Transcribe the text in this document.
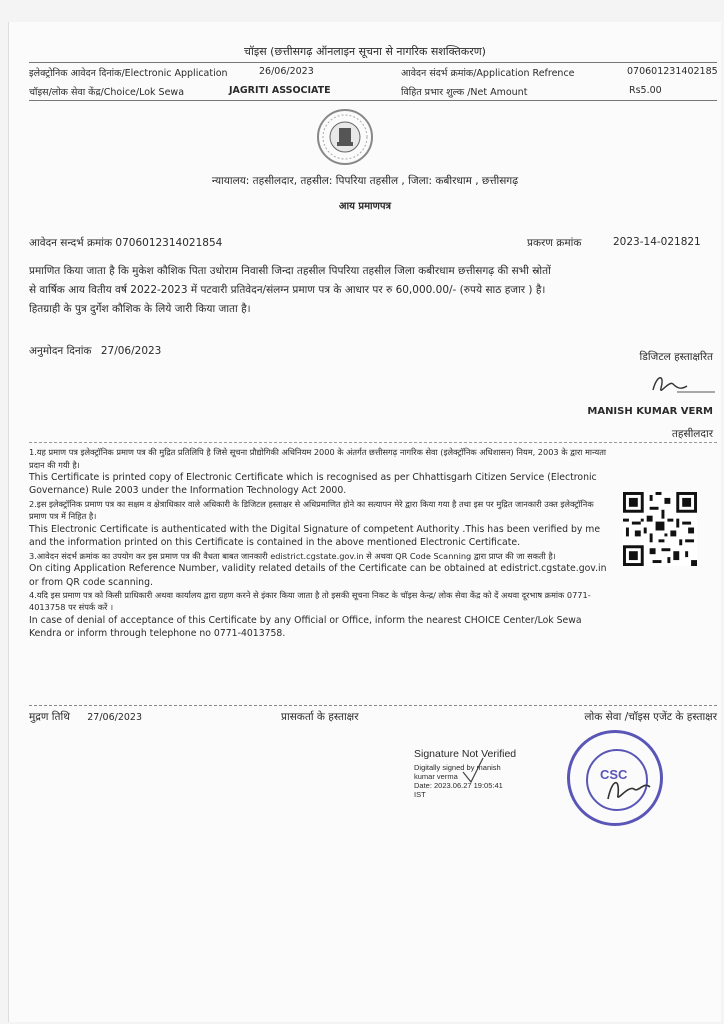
चॉइस (छत्तीसगढ़ ऑनलाइन सूचना से नागरिक सशक्तिकरण)
इलेक्ट्रोनिक आवेदन दिनांक/Electronic Application	26/06/2023	आवेदन संदर्भ क्रमांक/Application Refrence	070601231402185
चॉइस/लोक सेवा केंद्र/Choice/Lok Sewa	JAGRITI ASSOCIATE	विहित प्रभार शुल्क /Net Amount	Rs5.00
न्यायालय: तहसीलदार, तहसील: पिपरिया तहसील , जिला: कबीरधाम , छत्तीसगढ़
आय प्रमाणपत्र
आवेदन सन्दर्भ क्रमांक 0706012314021854	प्रकरण क्रमांक	2023-14-021821
प्रमाणित किया जाता है कि मुकेश कौशिक पिता उधोराम निवासी जिन्दा तहसील पिपरिया तहसील जिला कबीरधाम छत्तीसगढ़ की सभी स्रोतों
से वार्षिक आय वितीय वर्ष 2022-2023 में पटवारी प्रतिवेदन/संलग्न प्रमाण पत्र के आधार पर रु 60,000.00/- (रुपये साठ हजार ) है।
हितग्राही के पुत्र दुर्गेश कौशिक के लिये जारी किया जाता है।
अनुमोदन दिनांक 27/06/2023	डिजिटल हस्ताक्षरित
MANISH KUMAR VERM
तहसीलदार

1.यह प्रमाण पत्र इलेक्ट्रॉनिक प्रमाण पत्र की मुद्रित प्रतिलिपि है जिसे सूचना प्रौद्योगिकी अधिनियम 2000 के अंतर्गत छत्तीसगढ़ नागरिक सेवा (इलेक्ट्रॉनिक अधिशासन) नियम, 2003 के द्वारा मान्यता प्रदान की गयी है।

This Certificate is printed copy of Electronic Certificate which is recognised as per Chhattisgarh Citizen Service (Electronic Governance) Rule 2003 under the Information Technology Act 2000.

2.इस इलेक्ट्रॉनिक प्रमाण पत्र का सक्षम व क्षेत्राधिकार वाले अधिकारी के डिजिटल हस्ताक्षर से अधिप्रमाणित होने का सत्यापन मेरे द्वारा किया गया है तथा इस पर मुद्रित जानकारी उक्त इलेक्ट्रॉनिक प्रमाण पत्र में निहित है।

This Electronic Certificate is authenticated with the Digital Signature of competent Authority .This has been verified by me and the information printed on this Certificate is contained in the above mentioned Electronic Certificate.

3.आवेदन संदर्भ क्रमांक का उपयोग कर इस प्रमाण पत्र की वैधता बाबत जानकारी edistrict.cgstate.gov.in से अथवा QR Code Scanning द्वारा प्राप्त की जा सकती है।

On citing Application Reference Number, validity related details of the Certificate can be obtained at edistrict.cgstate.gov.in or from QR code scanning.

4.यदि इस प्रमाण पत्र को किसी प्राधिकारी अथवा कार्यालय द्वारा ग्रहण करने से इंकार किया जाता है तो इसकी सूचना निकट के चॉइस केन्द्र/ लोक सेवा केंद्र को दें अथवा दूरभाष क्रमांक 0771-4013758 पर संपर्क करें ।

In case of denial of acceptance of this Certificate by any Official or Office, inform the nearest CHOICE Center/Lok Sewa Kendra or inform through telephone no 0771-4013758.

मुद्रण तिथि 27/06/2023	प्रासकर्ता के हस्ताक्षर	लोक सेवा /चॉइस एजेंट के हस्ताक्षर
Signature Not Verified
Digitally signed by manish
kumar verma
Date: 2023.06.27 19:05:41
IST
CSC
